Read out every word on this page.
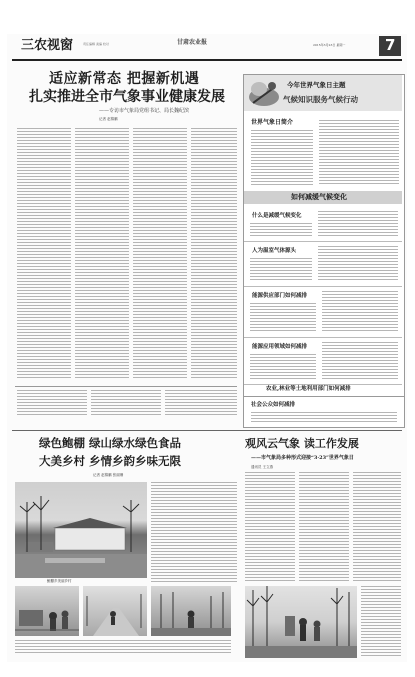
三农视窗	责任编辑 美编 校对	甘肃农业报	2015年3月23日 星期一	7
适应新常态 把握新机遇
扎实推进全市气象事业健康发展
——专访市气象局党组书记、局长魏纪滨
记者 赵锦鹏
今年世界气象日主题
气候知识服务气候行动
世界气象日简介
如何减缓气候变化
什么是减缓气候变化
人为温室气体源头
能源供应部门如何减排
能源应用领域如何减排
农业,林业等土地利用部门如何减排
社会公众如何减排
绿色鲍棚 绿山绿水绿色食品
大美乡村 乡情乡韵乡味无限
记者 赵锦鹏 张丽珊
鲍棚乡美丽乡村
观风云气象 读工作发展
——市气象局多种形式迎接“3·23”世界气象日
通讯员 王立燕
